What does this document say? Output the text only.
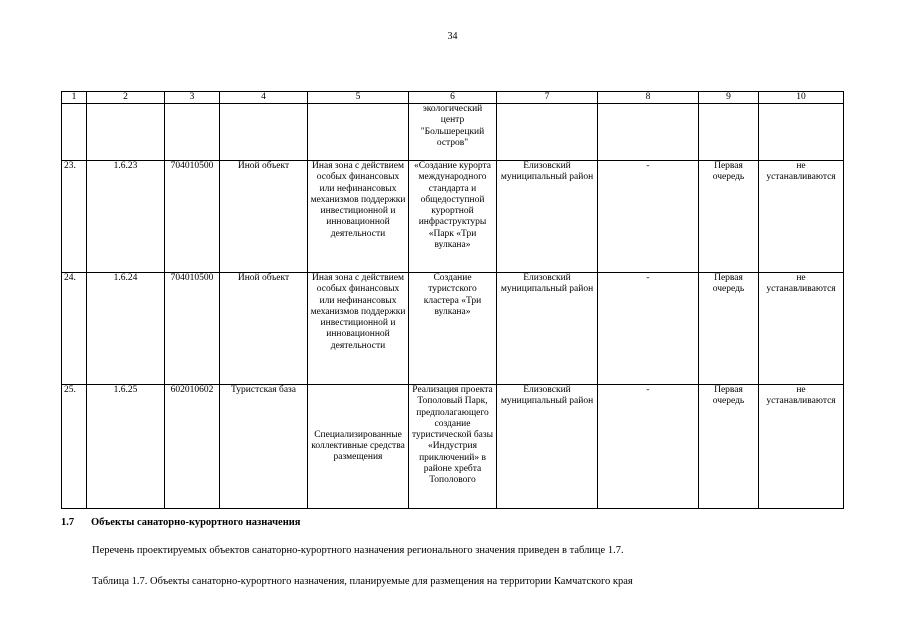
34
1	2	3	4	5	6	7	8	9	10
					экологический центр "Большерецкий остров"				
23.	1.6.23	704010500	Иной объект	Иная зона с действием особых финансовых или нефинансовых механизмов поддержки инвестиционной и инновационной деятельности	«Создание курорта международного стандарта и общедоступной курортной инфраструктуры «Парк «Три вулкана»	Елизовский муниципальный район	-	Первая очередь	не устанавливаются
24.	1.6.24	704010500	Иной объект	Иная зона с действием особых финансовых или нефинансовых механизмов поддержки инвестиционной и инновационной деятельности	Создание туристского кластера «Три вулкана»	Елизовский муниципальный район	-	Первая очередь	не устанавливаются
25.	1.6.25	602010602	Туристская база	Специализированные коллективные средства размещения	Реализация проекта Тополовый Парк, предполагающего создание туристической базы «Индустрия приключений» в районе хребта Тополового	Елизовский муниципальный район	-	Первая очередь	не устанавливаются
1.7 Объекты санаторно-курортного назначения
Перечень проектируемых объектов санаторно-курортного назначения регионального значения приведен в таблице 1.7.
Таблица 1.7. Объекты санаторно-курортного назначения, планируемые для размещения на территории Камчатского края
